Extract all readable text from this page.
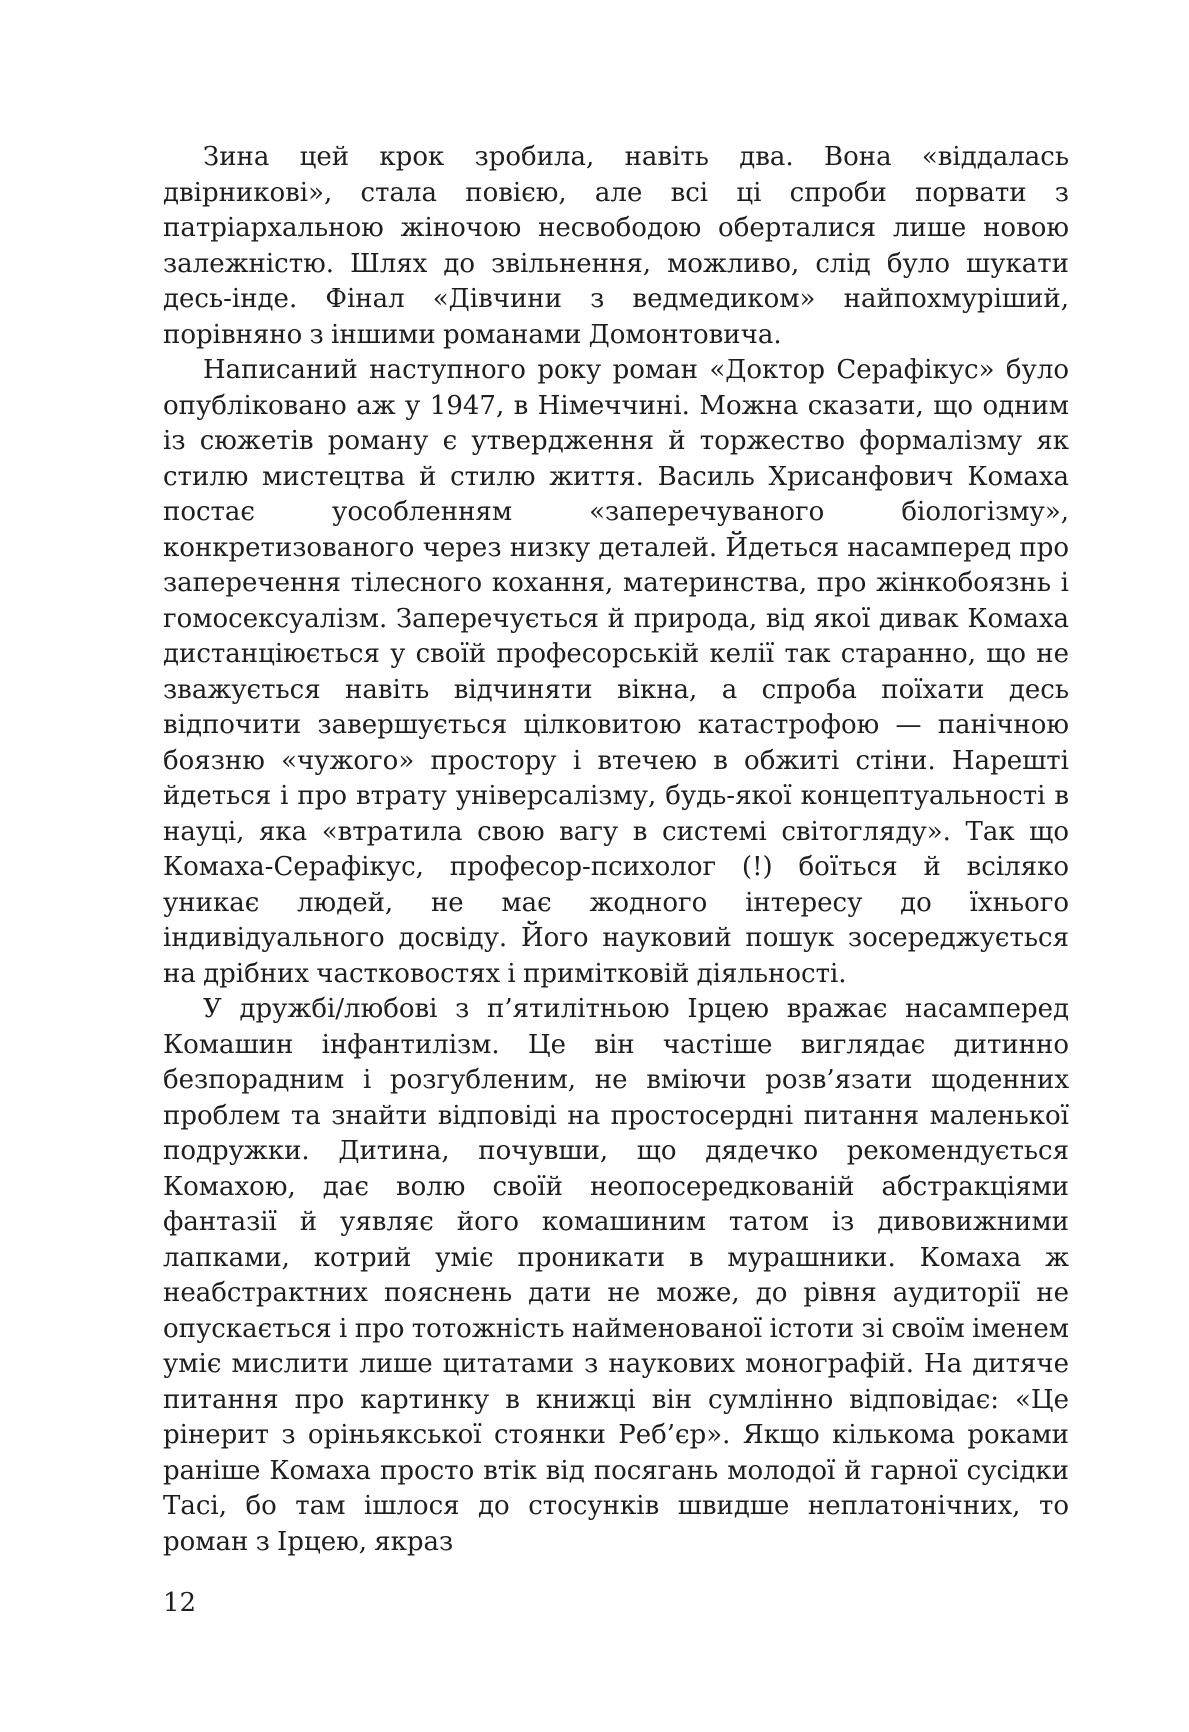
Зина цей крок зробила, навіть два. Вона «віддалась двірникові», стала повією, але всі ці спроби порвати з патріархальною жіночою несвободою оберталися лише новою залежністю. Шлях до звільнення, можливо, слід було шукати десь-інде. Фінал «Дівчини з ведмедиком» найпохмуріший, порівняно з іншими романами Домонтовича.

Написаний наступного року роман «Доктор Серафікус» було опубліковано аж у 1947, в Німеччині. Можна сказати, що одним із сюжетів роману є утвердження й торжество формалізму як стилю мистецтва й стилю життя. Василь Хрисанфович Комаха постає уособленням «заперечуваного біологізму», конкретизованого через низку деталей. Йдеться насамперед про заперечення тілесного кохання, материнства, про жінкобоязнь і гомосексуалізм. Заперечується й природа, від якої дивак Комаха дистанціюється у своїй професорській келії так старанно, що не зважується навіть відчиняти вікна, а спроба поїхати десь відпочити завершується цілковитою катастрофою — панічною боязню «чужого» простору і втечею в обжиті стіни. Нарешті йдеться і про втрату універсалізму, будь-якої концептуальності в науці, яка «втратила свою вагу в системі світогляду». Так що Комаха-Серафікус, професор-психолог (!) боїться й всіляко уникає людей, не має жодного інтересу до їхнього індивідуального досвіду. Його науковий пошук зосереджується на дрібних частковостях і примітковій діяльності.

У дружбі/любові з п’ятилітньою Ірцею вражає насамперед Комашин інфантилізм. Це він частіше виглядає дитинно безпорадним і розгубленим, не вміючи розв’язати щоденних проблем та знайти відповіді на простосердні питання маленької подружки. Дитина, почувши, що дядечко рекомендується Комахою, дає волю своїй неопосередкованій абстракціями фантазії й уявляє його комашиним татом із дивовижними лапками, котрий уміє проникати в мурашники. Комаха ж неабстрактних пояснень дати не може, до рівня аудиторії не опускається і про тотожність найменованої істоти зі своїм іменем уміє мислити лише цитатами з наукових монографій. На дитяче питання про картинку в книжці він сумлінно відповідає: «Це рінерит з оріньякської стоянки Реб’єр». Якщо кількома роками раніше Комаха просто втік від посягань молодої й гарної сусідки Тасі, бо там ішлося до стосунків швидше неплатонічних, то роман з Ірцею, якраз

12
